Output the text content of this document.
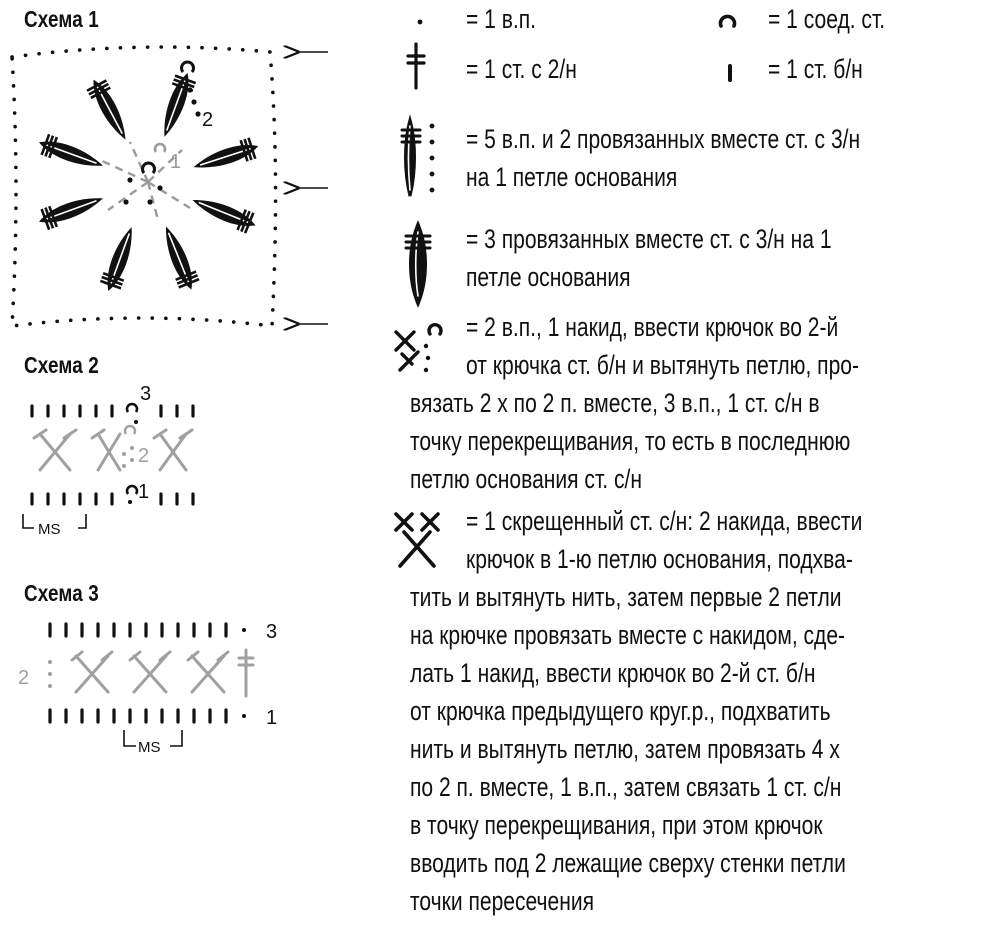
Схема 1
1
2
Схема 2
3
2
1
MS
Схема 3
3
2
1
MS
= 1 в.п.	= 1 соед. ст.
= 1 ст. с 2/н	= 1 ст. б/н
= 5 в.п. и 2 провязанных вместе ст. с 3/н
на 1 петле основания
= 3 провязанных вместе ст. с 3/н на 1
петле основания
= 2 в.п., 1 накид, ввести крючок во 2-й
от крючка ст. б/н и вытянуть петлю, про-
вязать 2 х по 2 п. вместе, 3 в.п., 1 ст. с/н в
точку перекрещивания, то есть в последнюю
петлю основания ст. с/н
= 1 скрещенный ст. с/н: 2 накида, ввести
крючок в 1-ю петлю основания, подхва-
тить и вытянуть нить, затем первые 2 петли
на крючке провязать вместе с накидом, сде-
лать 1 накид, ввести крючок во 2-й ст. б/н
от крючка предыдущего круг.р., подхватить
нить и вытянуть петлю, затем провязать 4 х
по 2 п. вместе, 1 в.п., затем связать 1 ст. с/н
в точку перекрещивания, при этом крючок
вводить под 2 лежащие сверху стенки петли
точки пересечения
